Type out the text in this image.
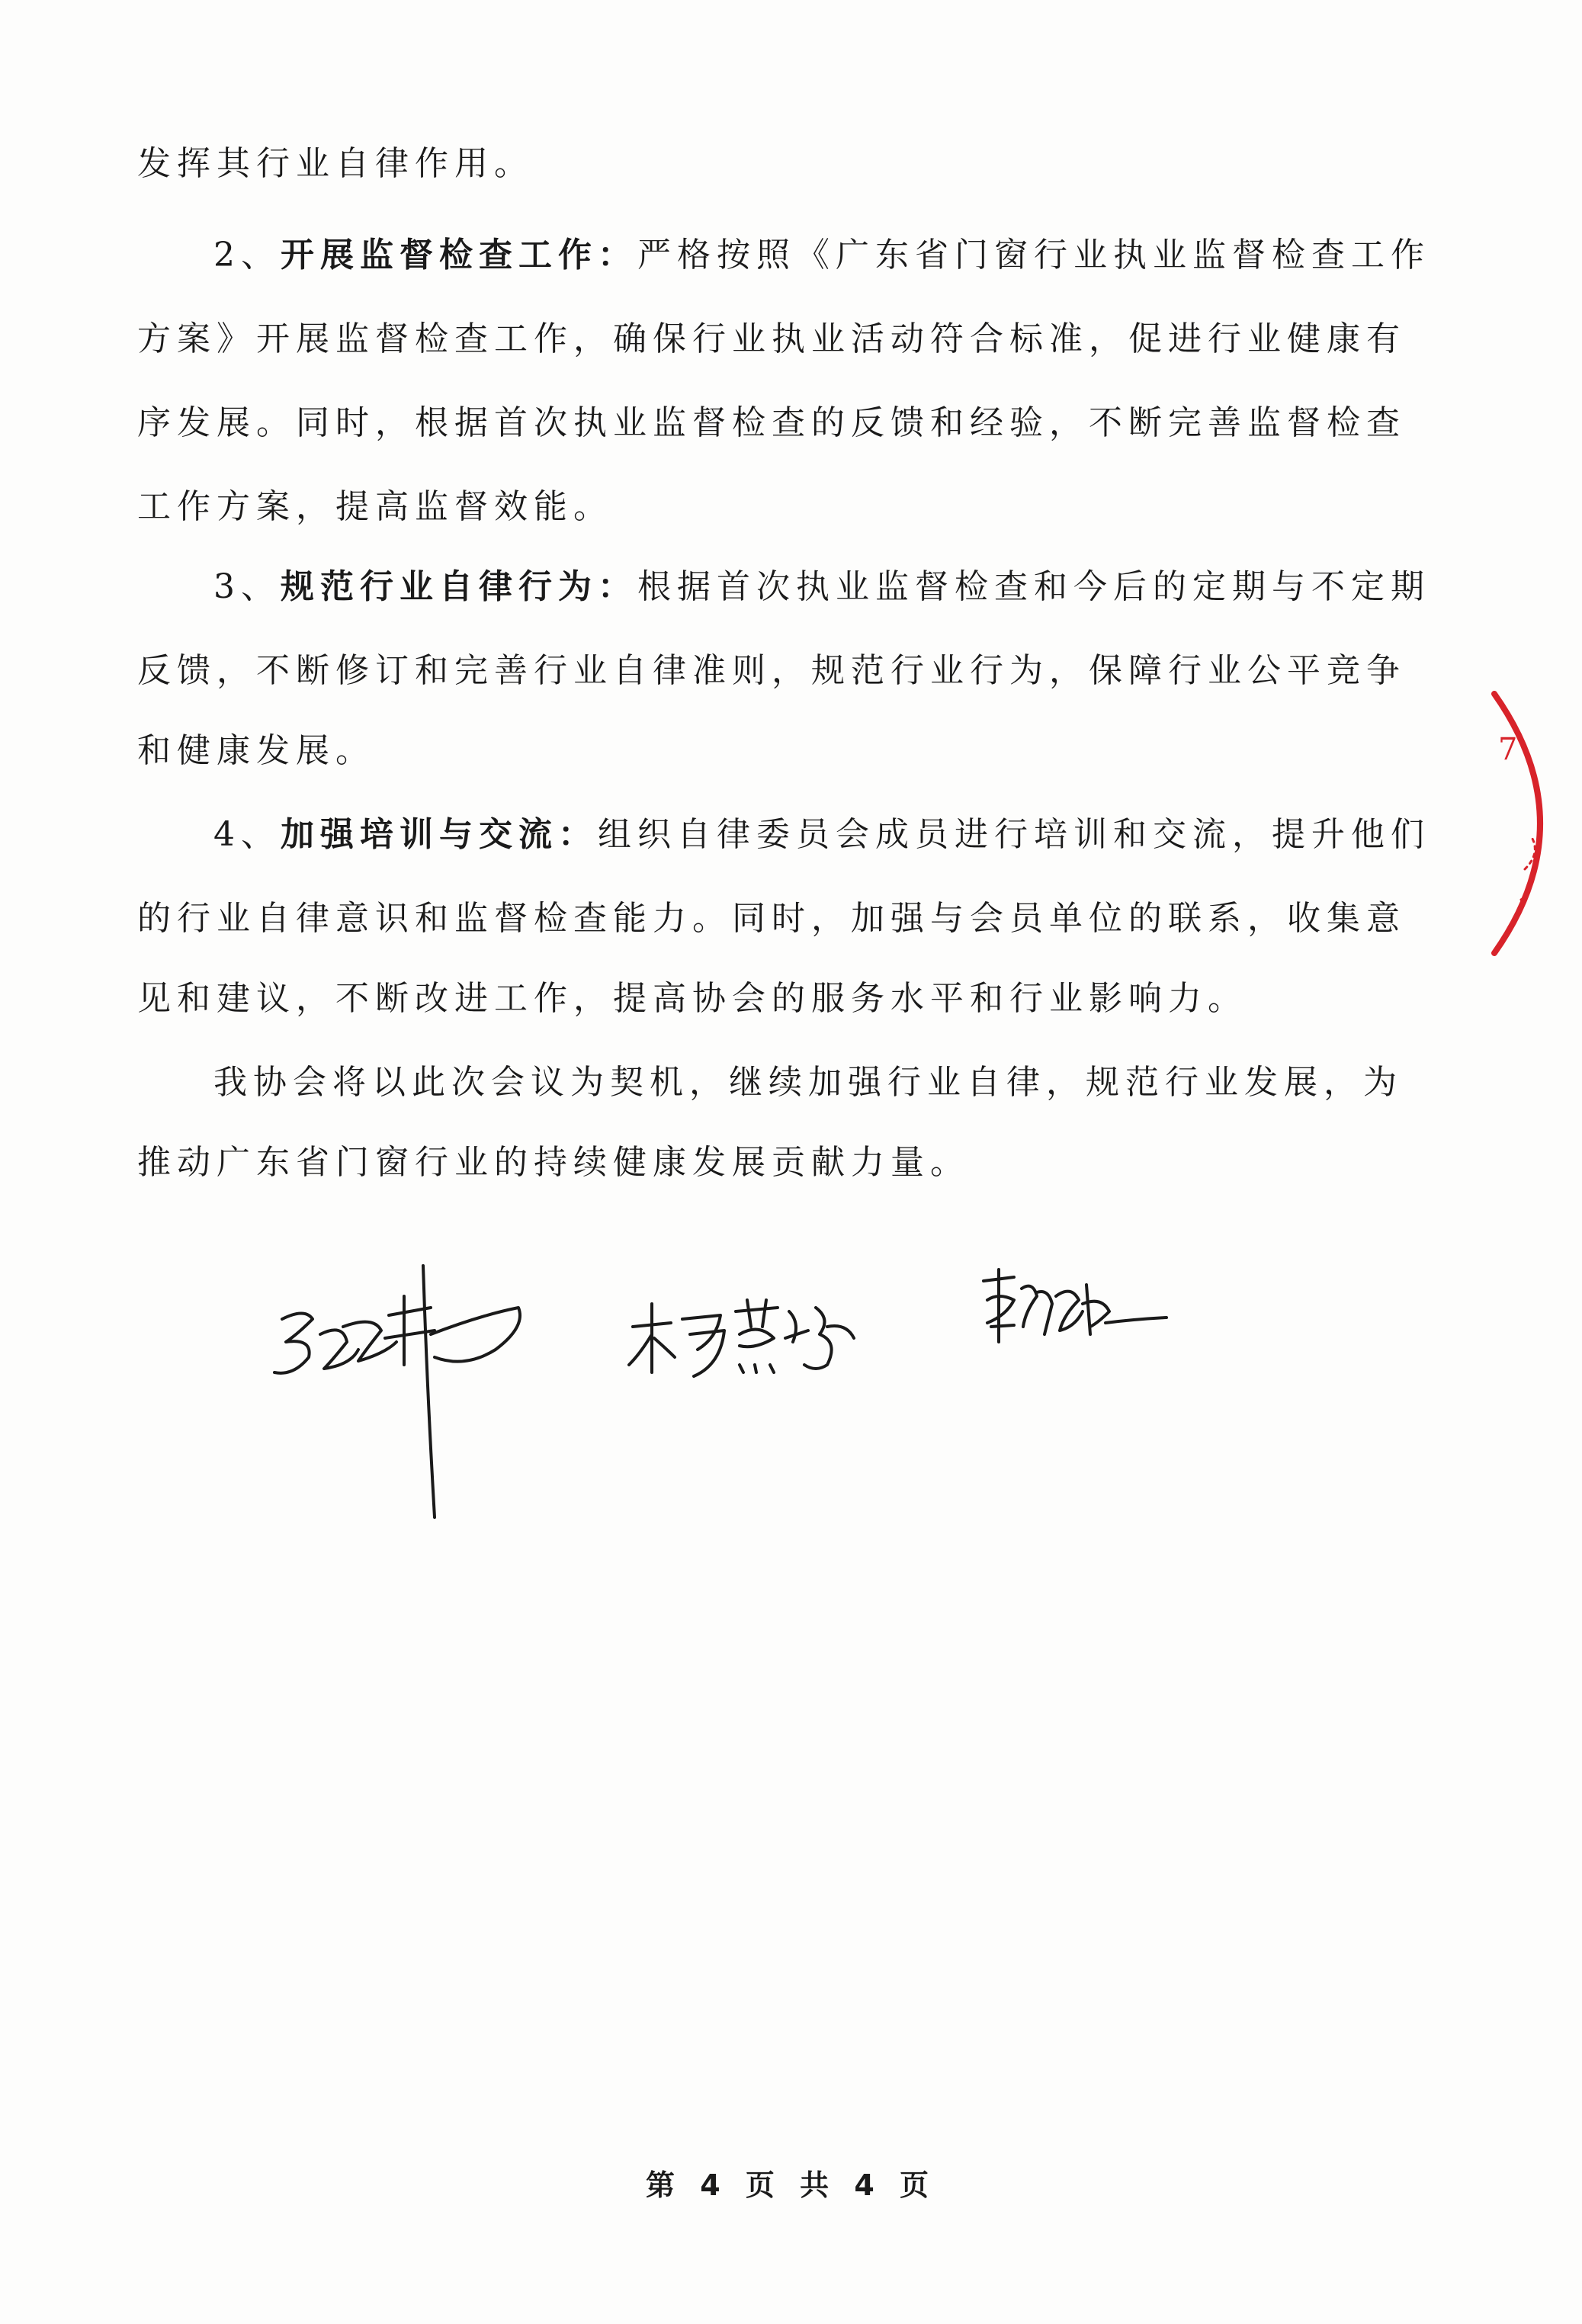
发挥其行业自律作用。
2、开展监督检查工作：严格按照《广东省门窗行业执业监督检查工作
方案》开展监督检查工作，确保行业执业活动符合标准，促进行业健康有
序发展。同时，根据首次执业监督检查的反馈和经验，不断完善监督检查
工作方案，提高监督效能。
3、规范行业自律行为：根据首次执业监督检查和今后的定期与不定期
反馈，不断修订和完善行业自律准则，规范行业行为，保障行业公平竞争
和健康发展。
4、加强培训与交流：组织自律委员会成员进行培训和交流，提升他们
的行业自律意识和监督检查能力。同时，加强与会员单位的联系，收集意
见和建议，不断改进工作，提高协会的服务水平和行业影响力。
我协会将以此次会议为契机，继续加强行业自律，规范行业发展，为
推动广东省门窗行业的持续健康发展贡献力量。
7
第 4 页 共 4 页
